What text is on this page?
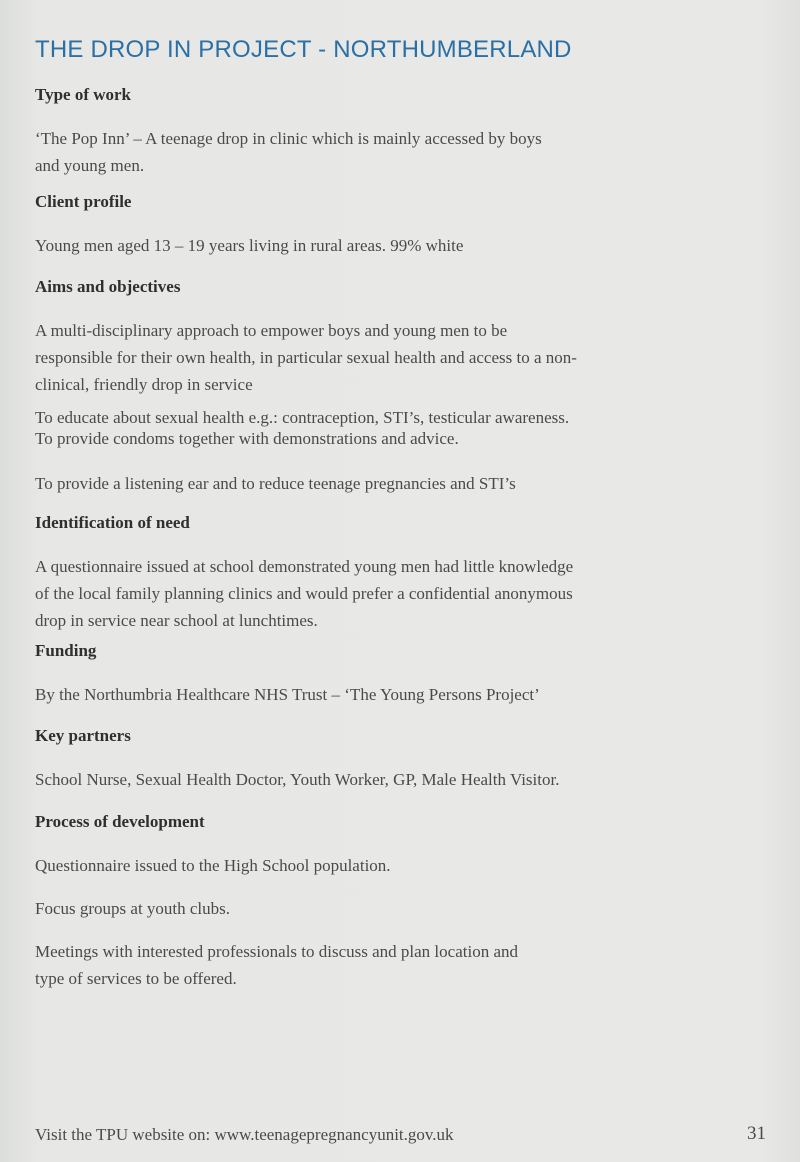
THE DROP IN PROJECT - NORTHUMBERLAND
Type of work

‘The Pop Inn’ – A teenage drop in clinic which is mainly accessed by boys and young men.

Client profile

Young men aged 13 – 19 years living in rural areas. 99% white

Aims and objectives

A multi-disciplinary approach to empower boys and young men to be responsible for their own health, in particular sexual health and access to a non-clinical, friendly drop in service

To educate about sexual health e.g.: contraception, STI’s, testicular awareness.

To provide condoms together with demonstrations and advice.

To provide a listening ear and to reduce teenage pregnancies and STI’s

Identification of need

A questionnaire issued at school demonstrated young men had little knowledge of the local family planning clinics and would prefer a confidential anonymous drop in service near school at lunchtimes.

Funding

By the Northumbria Healthcare NHS Trust – ‘The Young Persons Project’

Key partners

School Nurse, Sexual Health Doctor, Youth Worker, GP, Male Health Visitor.

Process of development

Questionnaire issued to the High School population.

Focus groups at youth clubs.

Meetings with interested professionals to discuss and plan location and type of services to be offered.

Visit the TPU website on: www.teenagepregnancyunit.gov.uk	31
